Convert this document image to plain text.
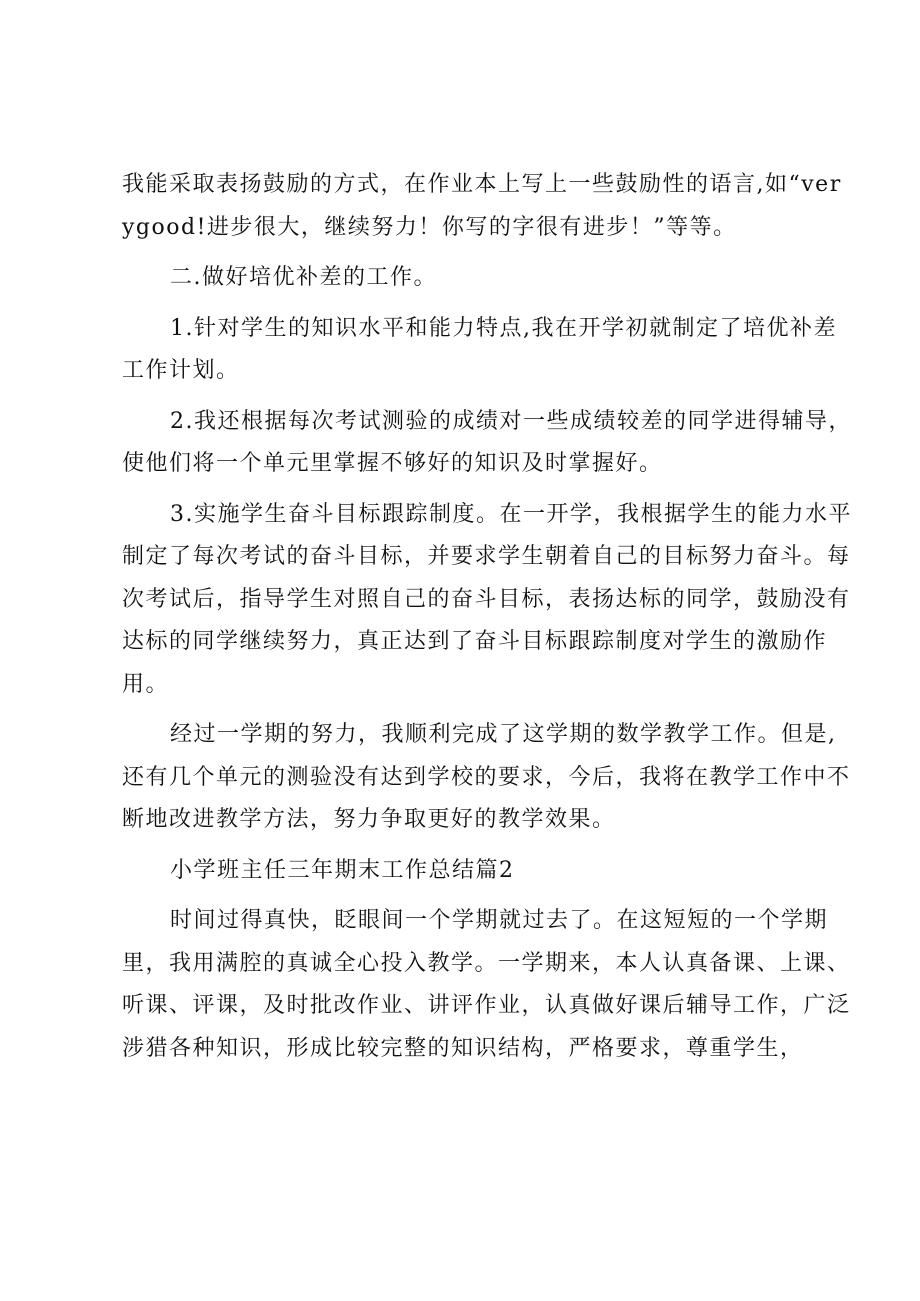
我能采取表扬鼓励的方式，在作业本上写上一些鼓励性的语言,如“verygood!进步很大，继续努力！你写的字很有进步！”等等。

二.做好培优补差的工作。

1.针对学生的知识水平和能力特点,我在开学初就制定了培优补差工作计划。

2.我还根据每次考试测验的成绩对一些成绩较差的同学进得辅导，使他们将一个单元里掌握不够好的知识及时掌握好。

3.实施学生奋斗目标跟踪制度。在一开学，我根据学生的能力水平制定了每次考试的奋斗目标，并要求学生朝着自己的目标努力奋斗。每次考试后，指导学生对照自己的奋斗目标，表扬达标的同学，鼓励没有达标的同学继续努力，真正达到了奋斗目标跟踪制度对学生的激励作用。

经过一学期的努力，我顺利完成了这学期的数学教学工作。但是,还有几个单元的测验没有达到学校的要求，今后，我将在教学工作中不断地改进教学方法，努力争取更好的教学效果。

小学班主任三年期末工作总结篇2

时间过得真快，眨眼间一个学期就过去了。在这短短的一个学期里，我用满腔的真诚全心投入教学。一学期来，本人认真备课、上课、听课、评课，及时批改作业、讲评作业，认真做好课后辅导工作，广泛涉猎各种知识，形成比较完整的知识结构，严格要求，尊重学生，
